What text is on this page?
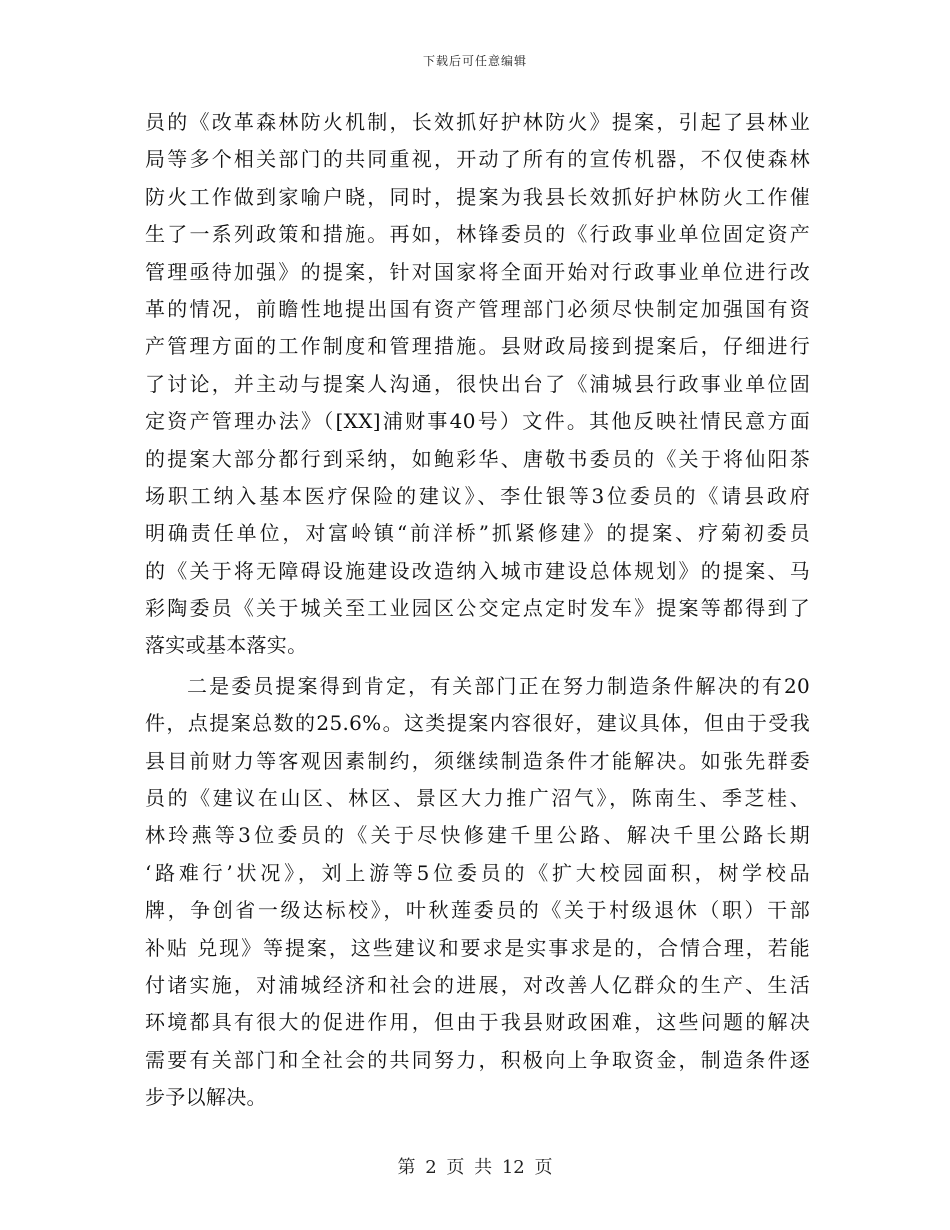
下载后可任意编辑
员的《改革森林防火机制，长效抓好护林防火》提案，引起了县林业
局等多个相关部门的共同重视，开动了所有的宣传机器，不仅使森林
防火工作做到家喻户晓，同时，提案为我县长效抓好护林防火工作催
生了一系列政策和措施。再如，林锋委员的《行政事业单位固定资产
管理亟待加强》的提案，针对国家将全面开始对行政事业单位进行改
革的情况，前瞻性地提出国有资产管理部门必须尽快制定加强国有资
产管理方面的工作制度和管理措施。县财政局接到提案后，仔细进行
了讨论，并主动与提案人沟通，很快出台了《浦城县行政事业单位固
定资产管理办法》（[XX]浦财事40号）文件。其他反映社情民意方面
的提案大部分都行到采纳，如鲍彩华、唐敬书委员的《关于将仙阳茶
场职工纳入基本医疗保险的建议》、李仕银等3位委员的《请县政府
明确责任单位，对富岭镇“前洋桥”抓紧修建》的提案、疗菊初委员
的《关于将无障碍设施建设改造纳入城市建设总体规划》的提案、马
彩陶委员《关于城关至工业园区公交定点定时发车》提案等都得到了
落实或基本落实。
二是委员提案得到肯定，有关部门正在努力制造条件解决的有20
件，点提案总数的25.6%。这类提案内容很好，建议具体，但由于受我
县目前财力等客观因素制约，须继续制造条件才能解决。如张先群委
员的《建议在山区、林区、景区大力推广沼气》，陈南生、季芝桂、
林玲燕等3位委员的《关于尽快修建千里公路、解决千里公路长期
‘路难行’状况》，刘上游等5位委员的《扩大校园面积，树学校品
牌，争创省一级达标校》，叶秋莲委员的《关于村级退休（职）干部
补贴 兑现》等提案，这些建议和要求是实事求是的，合情合理，若能
付诸实施，对浦城经济和社会的进展，对改善人亿群众的生产、生活
环境都具有很大的促进作用，但由于我县财政困难，这些问题的解决
需要有关部门和全社会的共同努力，积极向上争取资金，制造条件逐
步予以解决。
第 2 页 共 12 页
